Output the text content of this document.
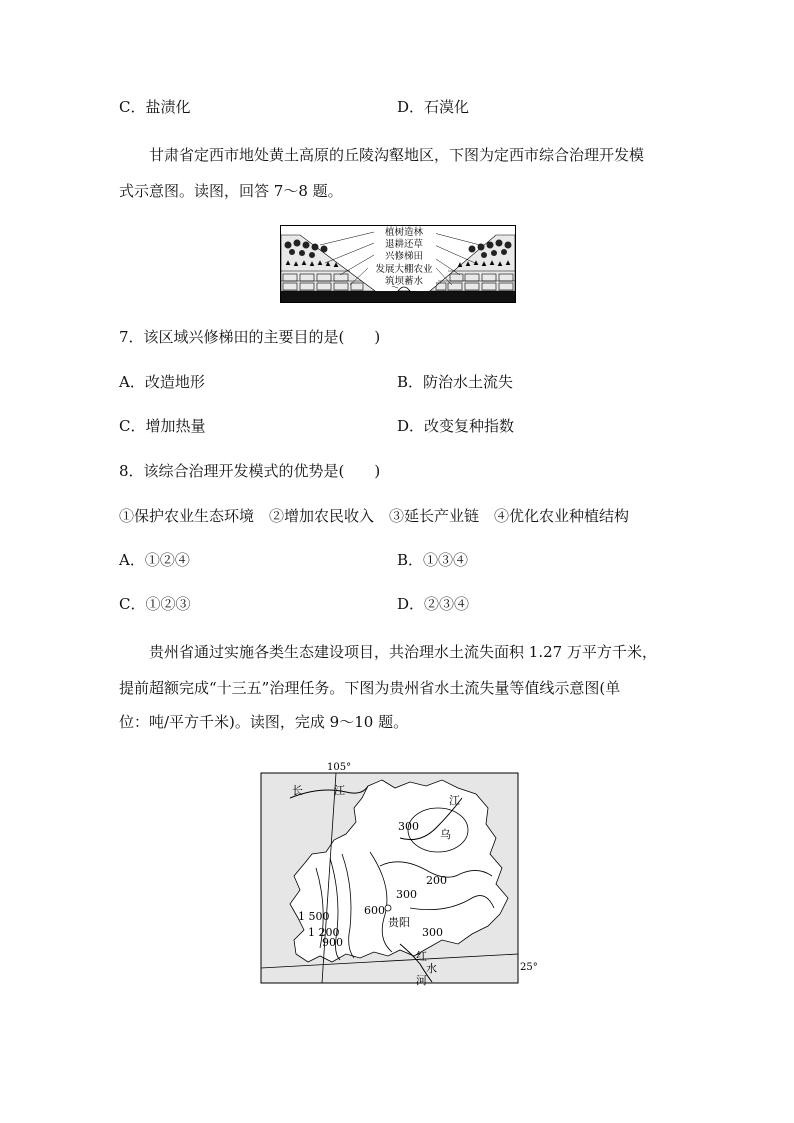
C．盐渍化	D．石漠化
甘肃省定西市地处黄土高原的丘陵沟壑地区，下图为定西市综合治理开发模
式示意图。读图，回答 7～8 题。
植树造林
退耕还草
兴修梯田
发展大棚农业
筑坝蓄水
7．该区域兴修梯田的主要目的是(　　)
A．改造地形	B．防治水土流失
C．增加热量	D．改变复种指数
8．该综合治理开发模式的优势是(　　)
①保护农业生态环境　②增加农民收入　③延长产业链　④优化农业种植结构
A．①②④	B．①③④
C．①②③	D．②③④
贵州省通过实施各类生态建设项目，共治理水土流失面积 1.27 万平方千米，
提前超额完成“十三五”治理任务。下图为贵州省水土流失量等值线示意图(单
位：吨/平方千米)。读图，完成 9～10 题。
105°
25°
长	江
江
乌
红
水
河
贵阳
300
200
300
600
300
1 500
1 200
900
